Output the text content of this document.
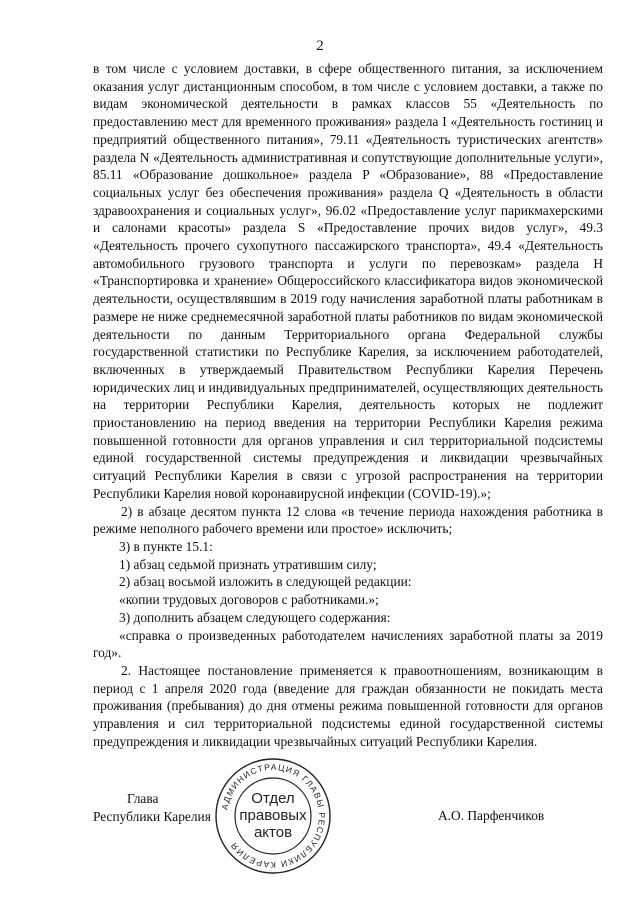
2

в том числе с условием доставки, в сфере общественного питания, за исключением оказания услуг дистанционным способом, в том числе с условием доставки, а также по видам экономической деятельности в рамках классов 55 «Деятельность по предоставлению мест для временного проживания» раздела I «Деятельность гостиниц и предприятий общественного питания», 79.11 «Деятельность туристических агентств» раздела N «Деятельность административная и сопутствующие дополнительные услуги», 85.11 «Образование дошкольное» раздела P «Образование», 88 «Предоставление социальных услуг без обеспечения проживания» раздела Q «Деятельность в области здравоохранения и социальных услуг», 96.02 «Предоставление услуг парикмахерскими и салонами красоты» раздела S «Предоставление прочих видов услуг», 49.3 «Деятельность прочего сухопутного пассажирского транспорта», 49.4 «Деятельность автомобильного грузового транспорта и услуги по перевозкам» раздела H «Транспортировка и хранение» Общероссийского классификатора видов экономической деятельности, осуществлявшим в 2019 году начисления заработной платы работникам в размере не ниже среднемесячной заработной платы работников по видам экономической деятельности по данным Территориального органа Федеральной службы государственной статистики по Республике Карелия, за исключением работодателей, включенных в утверждаемый Правительством Республики Карелия Перечень юридических лиц и индивидуальных предпринимателей, осуществляющих деятельность на территории Республики Карелия, деятельность которых не подлежит приостановлению на период введения на территории Республики Карелия режима повышенной готовности для органов управления и сил территориальной подсистемы единой государственной системы предупреждения и ликвидации чрезвычайных ситуаций Республики Карелия в связи с угрозой распространения на территории Республики Карелия новой коронавирусной инфекции (COVID-19).»;

2) в абзаце десятом пункта 12 слова «в течение периода нахождения работника в режиме неполного рабочего времени или простое» исключить;

3) в пункте 15.1:

1) абзац седьмой признать утратившим силу;

2) абзац восьмой изложить в следующей редакции:

«копии трудовых договоров с работниками.»;

3) дополнить абзацем следующего содержания:

«справка о произведенных работодателем начислениях заработной платы за 2019 год».

2. Настоящее постановление применяется к правоотношениям, возникающим в период с 1 апреля 2020 года (введение для граждан обязанности не покидать места проживания (пребывания) до дня отмены режима повышенной готовности для органов управления и сил территориальной подсистемы единой государственной системы предупреждения и ликвидации чрезвычайных ситуаций Республики Карелия.

Глава
Республики Карелия
АДМИНИСТРАЦИЯ ГЛАВЫ РЕСПУБЛИКИ КАРЕЛИЯ
Отдел
правовых
актов
А.О. Парфенчиков
